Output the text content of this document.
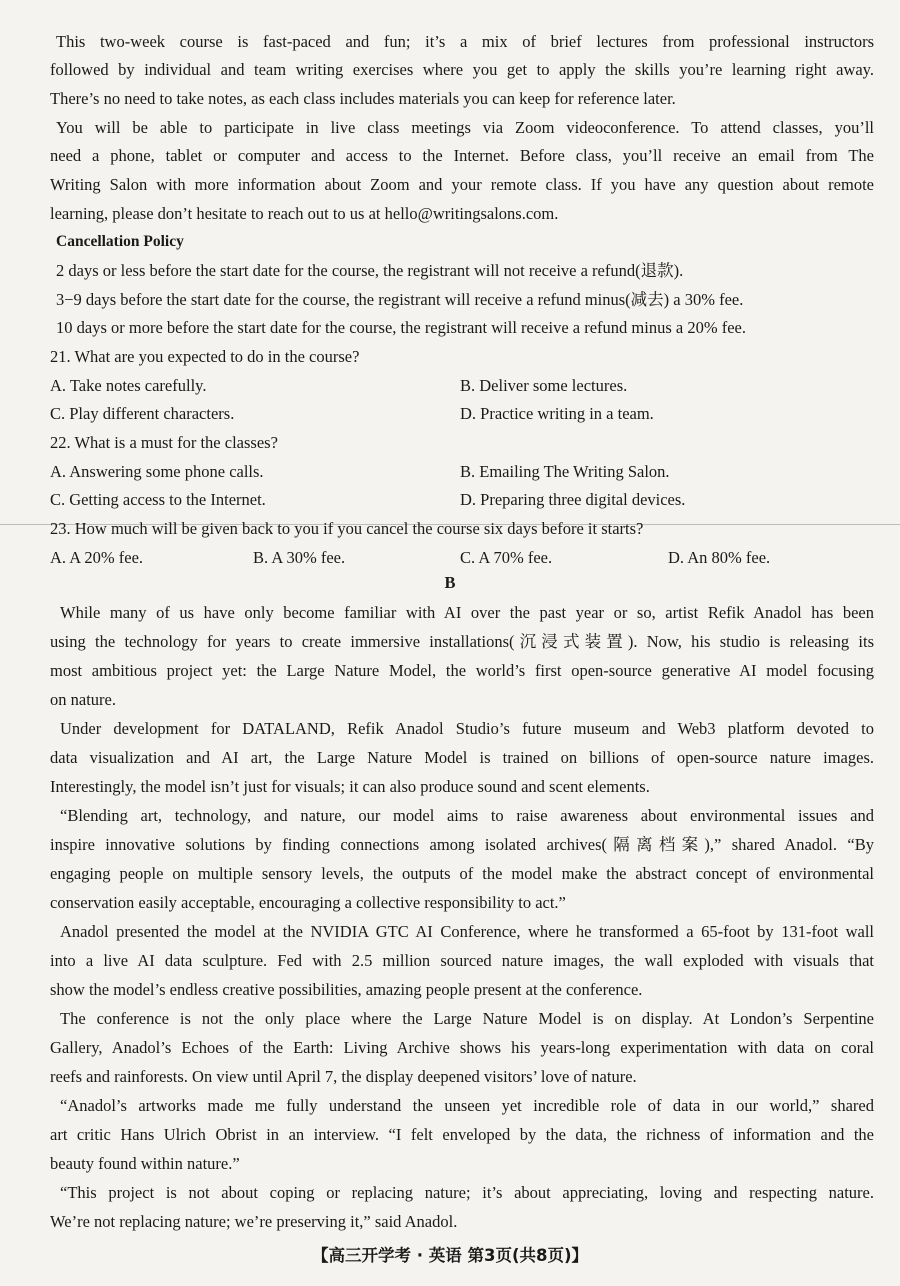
This two-week course is fast-paced and fun; it’s a mix of brief lectures from professional instructors
followed by individual and team writing exercises where you get to apply the skills you’re learning right away.
There’s no need to take notes, as each class includes materials you can keep for reference later.
You will be able to participate in live class meetings via Zoom videoconference. To attend classes, you’ll
need a phone, tablet or computer and access to the Internet. Before class, you’ll receive an email from The
Writing Salon with more information about Zoom and your remote class. If you have any question about remote
learning, please don’t hesitate to reach out to us at hello@writingsalons.com.
Cancellation Policy
2 days or less before the start date for the course, the registrant will not receive a refund(退款).
3−9 days before the start date for the course, the registrant will receive a refund minus(减去) a 30% fee.
10 days or more before the start date for the course, the registrant will receive a refund minus a 20% fee.
21. What are you expected to do in the course?
A. Take notes carefully.	B. Deliver some lectures.
C. Play different characters.	D. Practice writing in a team.
22. What is a must for the classes?
A. Answering some phone calls.	B. Emailing The Writing Salon.
C. Getting access to the Internet.	D. Preparing three digital devices.
23. How much will be given back to you if you cancel the course six days before it starts?
A. A 20% fee.	B. A 30% fee.	C. A 70% fee.	D. An 80% fee.
B
While many of us have only become familiar with AI over the past year or so, artist Refik Anadol has been
using the technology for years to create immersive installations(沉浸式装置). Now, his studio is releasing its
most ambitious project yet: the Large Nature Model, the world’s first open-source generative AI model focusing
on nature.
Under development for DATALAND, Refik Anadol Studio’s future museum and Web3 platform devoted to
data visualization and AI art, the Large Nature Model is trained on billions of open-source nature images.
Interestingly, the model isn’t just for visuals; it can also produce sound and scent elements.
“Blending art, technology, and nature, our model aims to raise awareness about environmental issues and
inspire innovative solutions by finding connections among isolated archives(隔离档案),” shared Anadol. “By
engaging people on multiple sensory levels, the outputs of the model make the abstract concept of environmental
conservation easily acceptable, encouraging a collective responsibility to act.”
Anadol presented the model at the NVIDIA GTC AI Conference, where he transformed a 65-foot by 131-foot wall
into a live AI data sculpture. Fed with 2.5 million sourced nature images, the wall exploded with visuals that
show the model’s endless creative possibilities, amazing people present at the conference.
The conference is not the only place where the Large Nature Model is on display. At London’s Serpentine
Gallery, Anadol’s Echoes of the Earth: Living Archive shows his years-long experimentation with data on coral
reefs and rainforests. On view until April 7, the display deepened visitors’ love of nature.
“Anadol’s artworks made me fully understand the unseen yet incredible role of data in our world,” shared
art critic Hans Ulrich Obrist in an interview. “I felt enveloped by the data, the richness of information and the
beauty found within nature.”
“This project is not about coping or replacing nature; it’s about appreciating, loving and respecting nature.
We’re not replacing nature; we’re preserving it,” said Anadol.
【高三开学考 · 英语 第3页(共8页)】
